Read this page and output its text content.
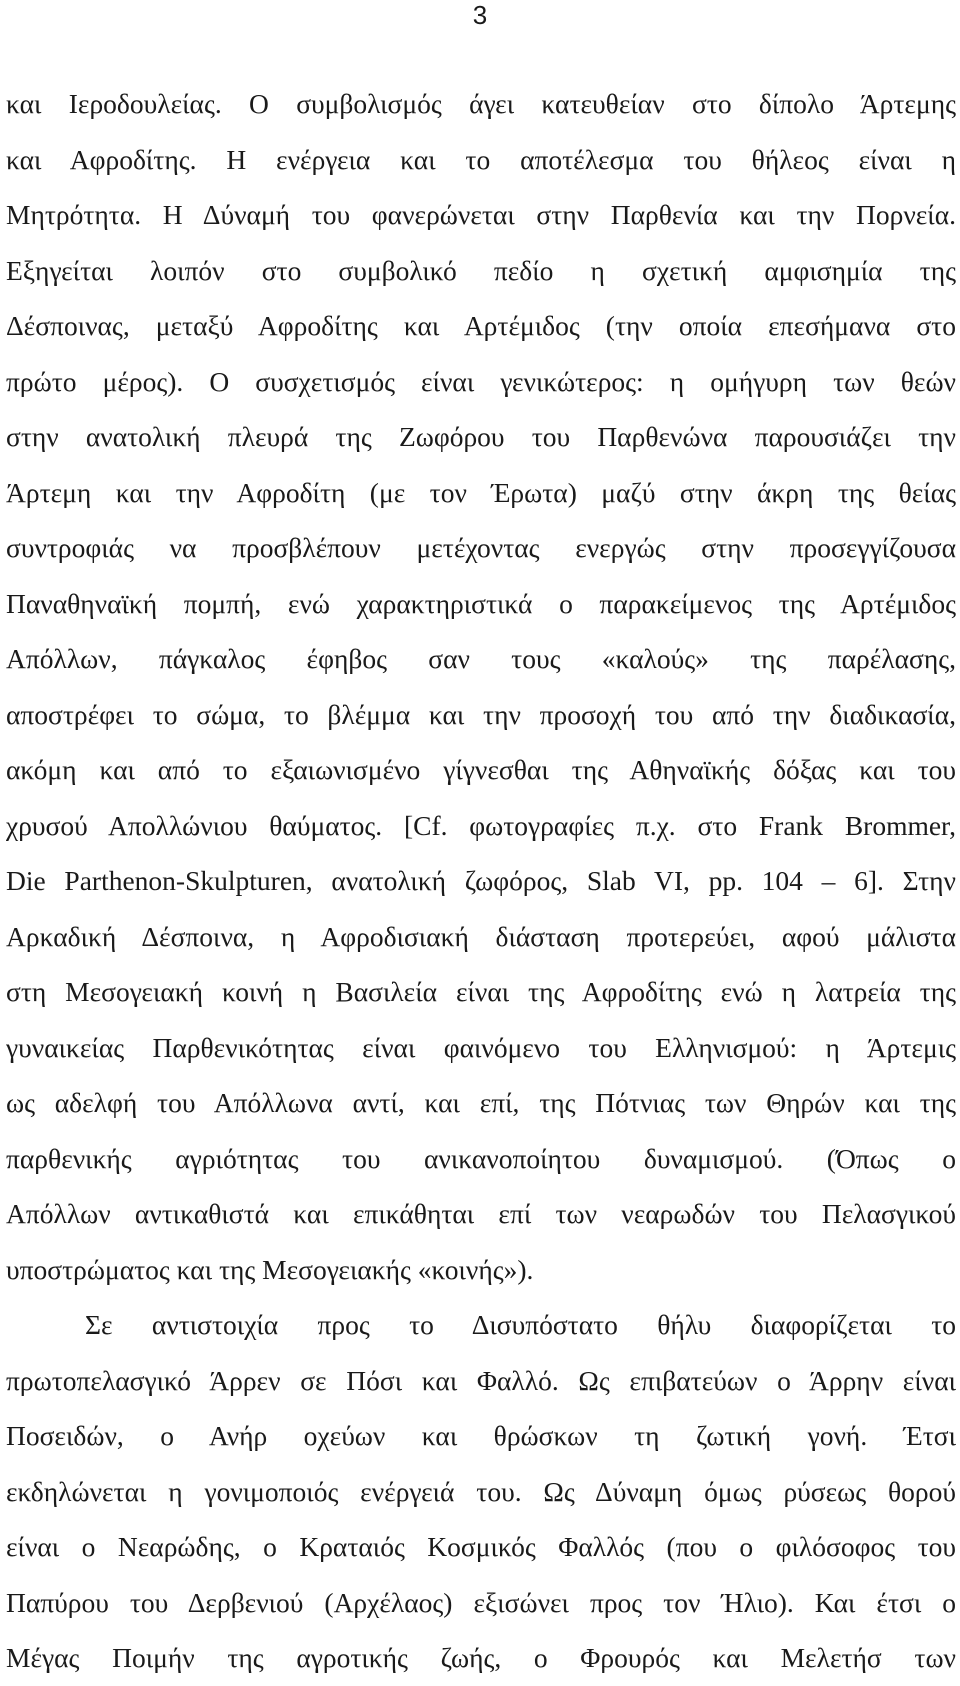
3
και Ιεροδουλείας. Ο συμβολισμός άγει κατευθείαν στο δίπολο Άρτεμης
και Αφροδίτης. Η ενέργεια και το αποτέλεσμα του θήλεος είναι η
Μητρότητα. Η Δύναμή του φανερώνεται στην Παρθενία και την Πορνεία.
Εξηγείται λοιπόν στο συμβολικό πεδίο η σχετική αμφισημία της
Δέσποινας, μεταξύ Αφροδίτης και Αρτέμιδος (την οποία επεσήμανα στο
πρώτο μέρος). Ο συσχετισμός είναι γενικώτερος: η ομήγυρη των θεών
στην ανατολική πλευρά της Ζωφόρου του Παρθενώνα παρουσιάζει την
Άρτεμη και την Αφροδίτη (με τον Έρωτα) μαζύ στην άκρη της θείας
συντροφιάς να προσβλέπουν μετέχοντας ενεργώς στην προσεγγίζουσα
Παναθηναϊκή πομπή, ενώ χαρακτηριστικά ο παρακείμενος της Αρτέμιδος
Απόλλων, πάγκαλος έφηβος σαν τους «καλούς» της παρέλασης,
αποστρέφει το σώμα, το βλέμμα και την προσοχή του από την διαδικασία,
ακόμη και από το εξαιωνισμένο γίγνεσθαι της Αθηναϊκής δόξας και του
χρυσού Απολλώνιου θαύματος. [Cf. φωτογραφίες π.χ. στο Frank Brommer,
Die Parthenon-Skulpturen, ανατολική ζωφόρος, Slab VI, pp. 104 – 6]. Στην
Αρκαδική Δέσποινα, η Αφροδισιακή διάσταση προτερεύει, αφού μάλιστα
στη Μεσογειακή κοινή η Βασιλεία είναι της Αφροδίτης ενώ η λατρεία της
γυναικείας Παρθενικότητας είναι φαινόμενο του Ελληνισμού: η Άρτεμις
ως αδελφή του Απόλλωνα αντί, και επί, της Πότνιας των Θηρών και της
παρθενικής αγριότητας του ανικανοποίητου δυναμισμού. (Όπως ο
Απόλλων αντικαθιστά και επικάθηται επί των νεαρωδών του Πελασγικού
υποστρώματος και της Μεσογειακής «κοινής»).
Σε αντιστοιχία προς το Δισυπόστατο θήλυ διαφορίζεται το
πρωτοπελασγικό Άρρεν σε Πόσι και Φαλλό. Ως επιβατεύων ο Άρρην είναι
Ποσειδών, ο Ανήρ οχεύων και θρώσκων τη ζωτική γονή. Έτσι
εκδηλώνεται η γονιμοποιός ενέργειά του. Ως Δύναμη όμως ρύσεως θορού
είναι ο Νεαρώδης, ο Κραταιός Κοσμικός Φαλλός (που ο φιλόσοφος του
Παπύρου του Δερβενιού (Αρχέλαος) εξισώνει προς τον Ήλιο). Και έτσι ο
Μέγας Ποιμήν της αγροτικής ζωής, ο Φρουρός και Μελετήσ των
